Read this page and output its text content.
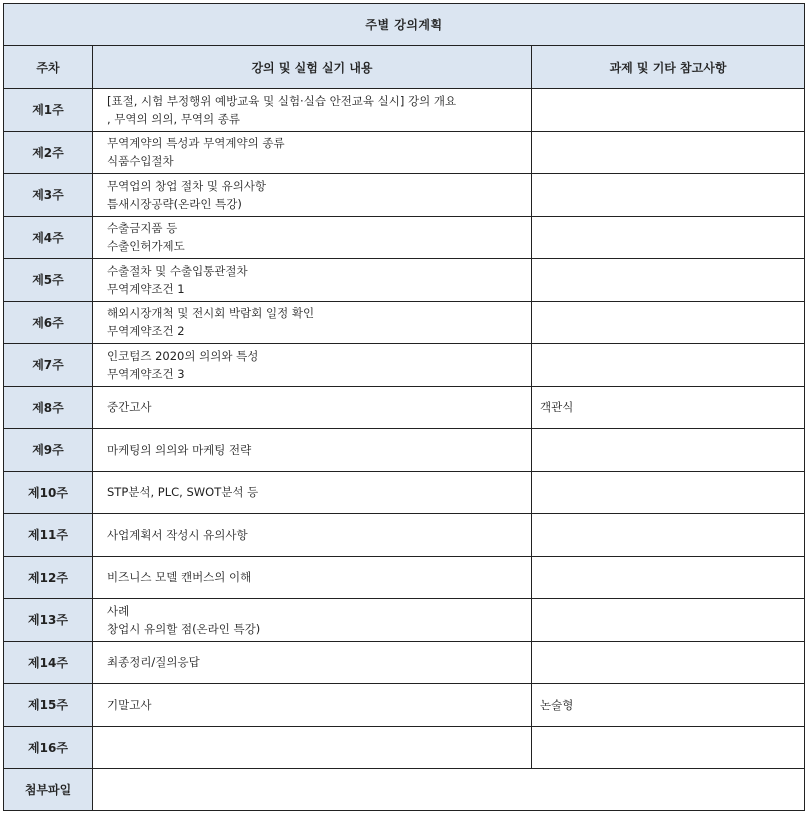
주별 강의계획		
주차	강의 및 실험 실기 내용	과제 및 기타 참고사항
제1주	[표절, 시험 부정행위 예방교육 및 실험·실습 안전교육 실시] 강의 개요
, 무역의 의의, 무역의 종류	

제2주	무역계약의 특성과 무역계약의 종류
식품수입절차	

제3주	무역업의 창업 절차 및 유의사항
틈새시장공략(온라인 특강)	

제4주	수출금지품 등
수출인허가제도	

제5주	수출절차 및 수출입통관절차
무역계약조건 1	

제6주	해외시장개척 및 전시회 박람회 일정 확인
무역계약조건 2	

제7주	인코텀즈 2020의 의의와 특성
무역계약조건 3	

제8주	중간고사	객관식
제9주	마케팅의 의의와 마케팅 전략	

제10주	STP분석, PLC, SWOT분석 등	

제11주	사업계획서 작성시 유의사항	

제12주	비즈니스 모델 캔버스의 이해	

제13주	사례
창업시 유의할 점(온라인 특강)	

제14주	최종정리/질의응답	

제15주	기말고사	논술형
제16주		
첨부파일		
